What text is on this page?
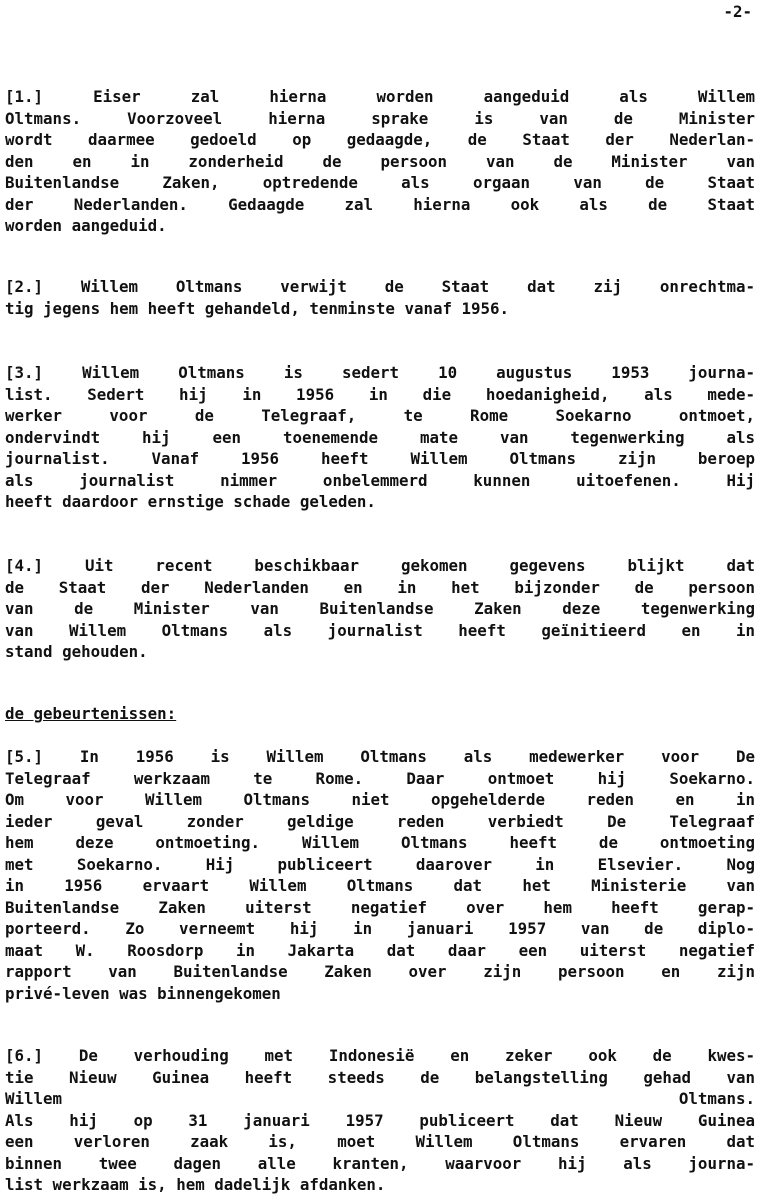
-2-
[1.] Eiser zal hierna worden aangeduid als Willem
Oltmans. Voorzoveel hierna sprake is van de Minister
wordt daarmee gedoeld op gedaagde, de Staat der Nederlan-
den en in zonderheid de persoon van de Minister van
Buitenlandse Zaken, optredende als orgaan van de Staat
der Nederlanden. Gedaagde zal hierna ook als de Staat
worden aangeduid.
[2.] Willem Oltmans verwijt de Staat dat zij onrechtma-
tig jegens hem heeft gehandeld, tenminste vanaf 1956.
[3.] Willem Oltmans is sedert 10 augustus 1953 journa-
list. Sedert hij in 1956 in die hoedanigheid, als mede-
werker voor de Telegraaf, te Rome Soekarno ontmoet,
ondervindt hij een toenemende mate van tegenwerking als
journalist. Vanaf 1956 heeft Willem Oltmans zijn beroep
als journalist nimmer onbelemmerd kunnen uitoefenen. Hij
heeft daardoor ernstige schade geleden.
[4.] Uit recent beschikbaar gekomen gegevens blijkt dat
de Staat der Nederlanden en in het bijzonder de persoon
van de Minister van Buitenlandse Zaken deze tegenwerking
van Willem Oltmans als journalist heeft geïnitieerd en in
stand gehouden.
de gebeurtenissen:
[5.] In 1956 is Willem Oltmans als medewerker voor De
Telegraaf werkzaam te Rome. Daar ontmoet hij Soekarno.
Om voor Willem Oltmans niet opgehelderde reden en in
ieder geval zonder geldige reden verbiedt De Telegraaf
hem deze ontmoeting. Willem Oltmans heeft de ontmoeting
met Soekarno. Hij publiceert daarover in Elsevier. Nog
in 1956 ervaart Willem Oltmans dat het Ministerie van
Buitenlandse Zaken uiterst negatief over hem heeft gerap-
porteerd. Zo verneemt hij in januari 1957 van de diplo-
maat W. Roosdorp in Jakarta dat daar een uiterst negatief
rapport van Buitenlandse Zaken over zijn persoon en zijn
privé-leven was binnengekomen
[6.] De verhouding met Indonesië en zeker ook de kwes-
tie Nieuw Guinea heeft steeds de belangstelling gehad van
Willem Oltmans.
Als hij op 31 januari 1957 publiceert dat Nieuw Guinea
een verloren zaak is, moet Willem Oltmans ervaren dat
binnen twee dagen alle kranten, waarvoor hij als journa-
list werkzaam is, hem dadelijk afdanken.
